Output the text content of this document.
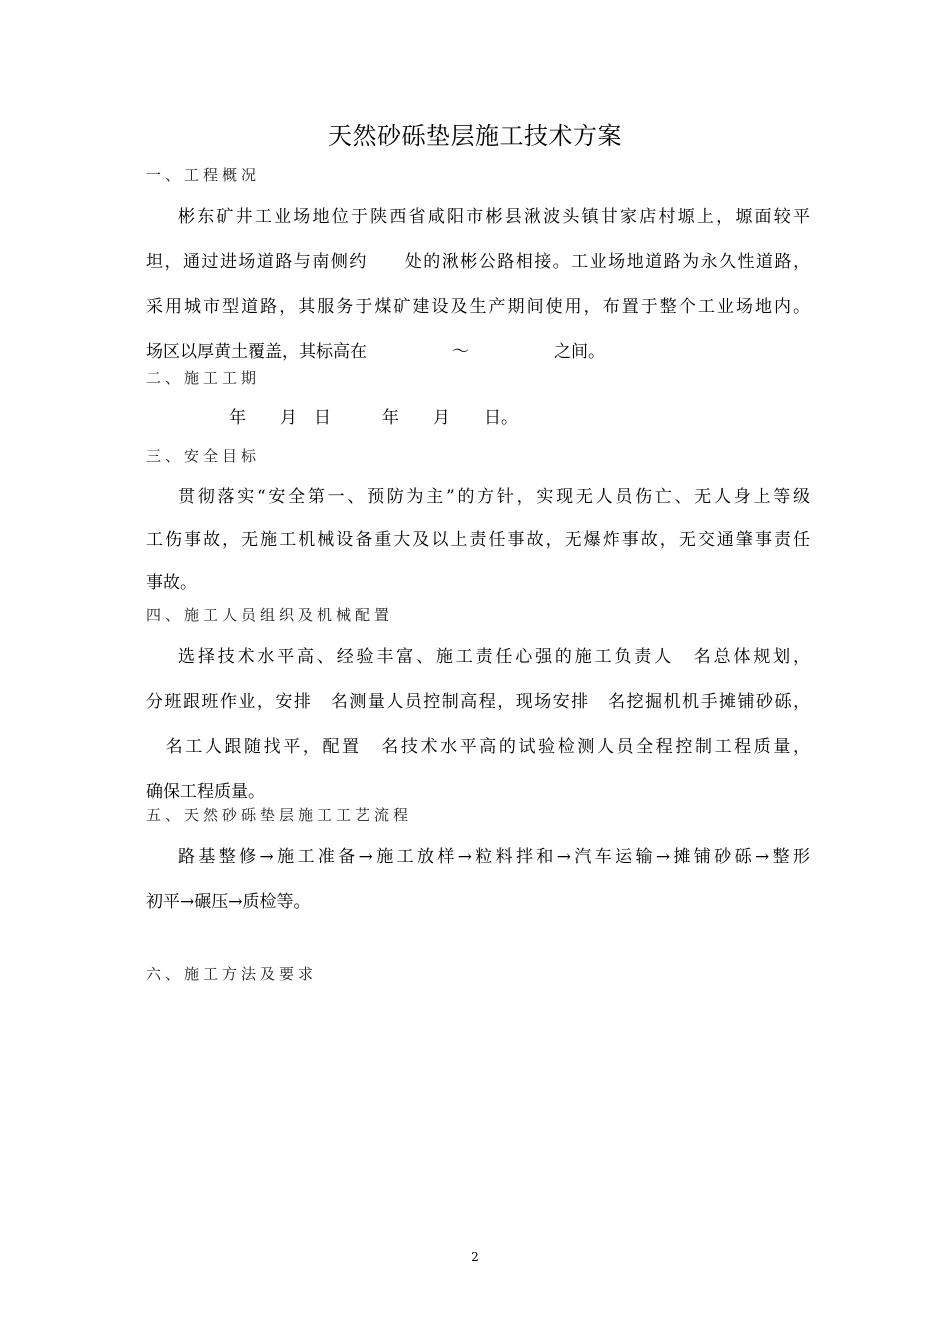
天然砂砾垫层施工技术方案
一、工程概况
彬东矿井工业场地位于陕西省咸阳市彬县湫波头镇甘家店村塬上，塬面较平
坦，通过进场道路与南侧约　　处的湫彬公路相接。工业场地道路为永久性道路，
采用城市型道路，其服务于煤矿建设及生产期间使用，布置于整个工业场地内。
场区以厚黄土覆盖，其标高在　　　　　～　　　　　之间。
二、施工工期
　　　年　　月　日　　　年　　月　　日。
三、安全目标
贯彻落实“安全第一、预防为主”的方针，实现无人员伤亡、无人身上等级
工伤事故，无施工机械设备重大及以上责任事故，无爆炸事故，无交通肇事责任
事故。
四、施工人员组织及机械配置
选择技术水平高、经验丰富、施工责任心强的施工负责人　名总体规划，
分班跟班作业，安排　名测量人员控制高程，现场安排　名挖掘机机手摊铺砂砾，
　名工人跟随找平，配置　名技术水平高的试验检测人员全程控制工程质量，
确保工程质量。
五、天然砂砾垫层施工工艺流程
路基整修→施工准备→施工放样→粒料拌和→汽车运输→摊铺砂砾→整形
初平→碾压→质检等。
六、施工方法及要求
2
